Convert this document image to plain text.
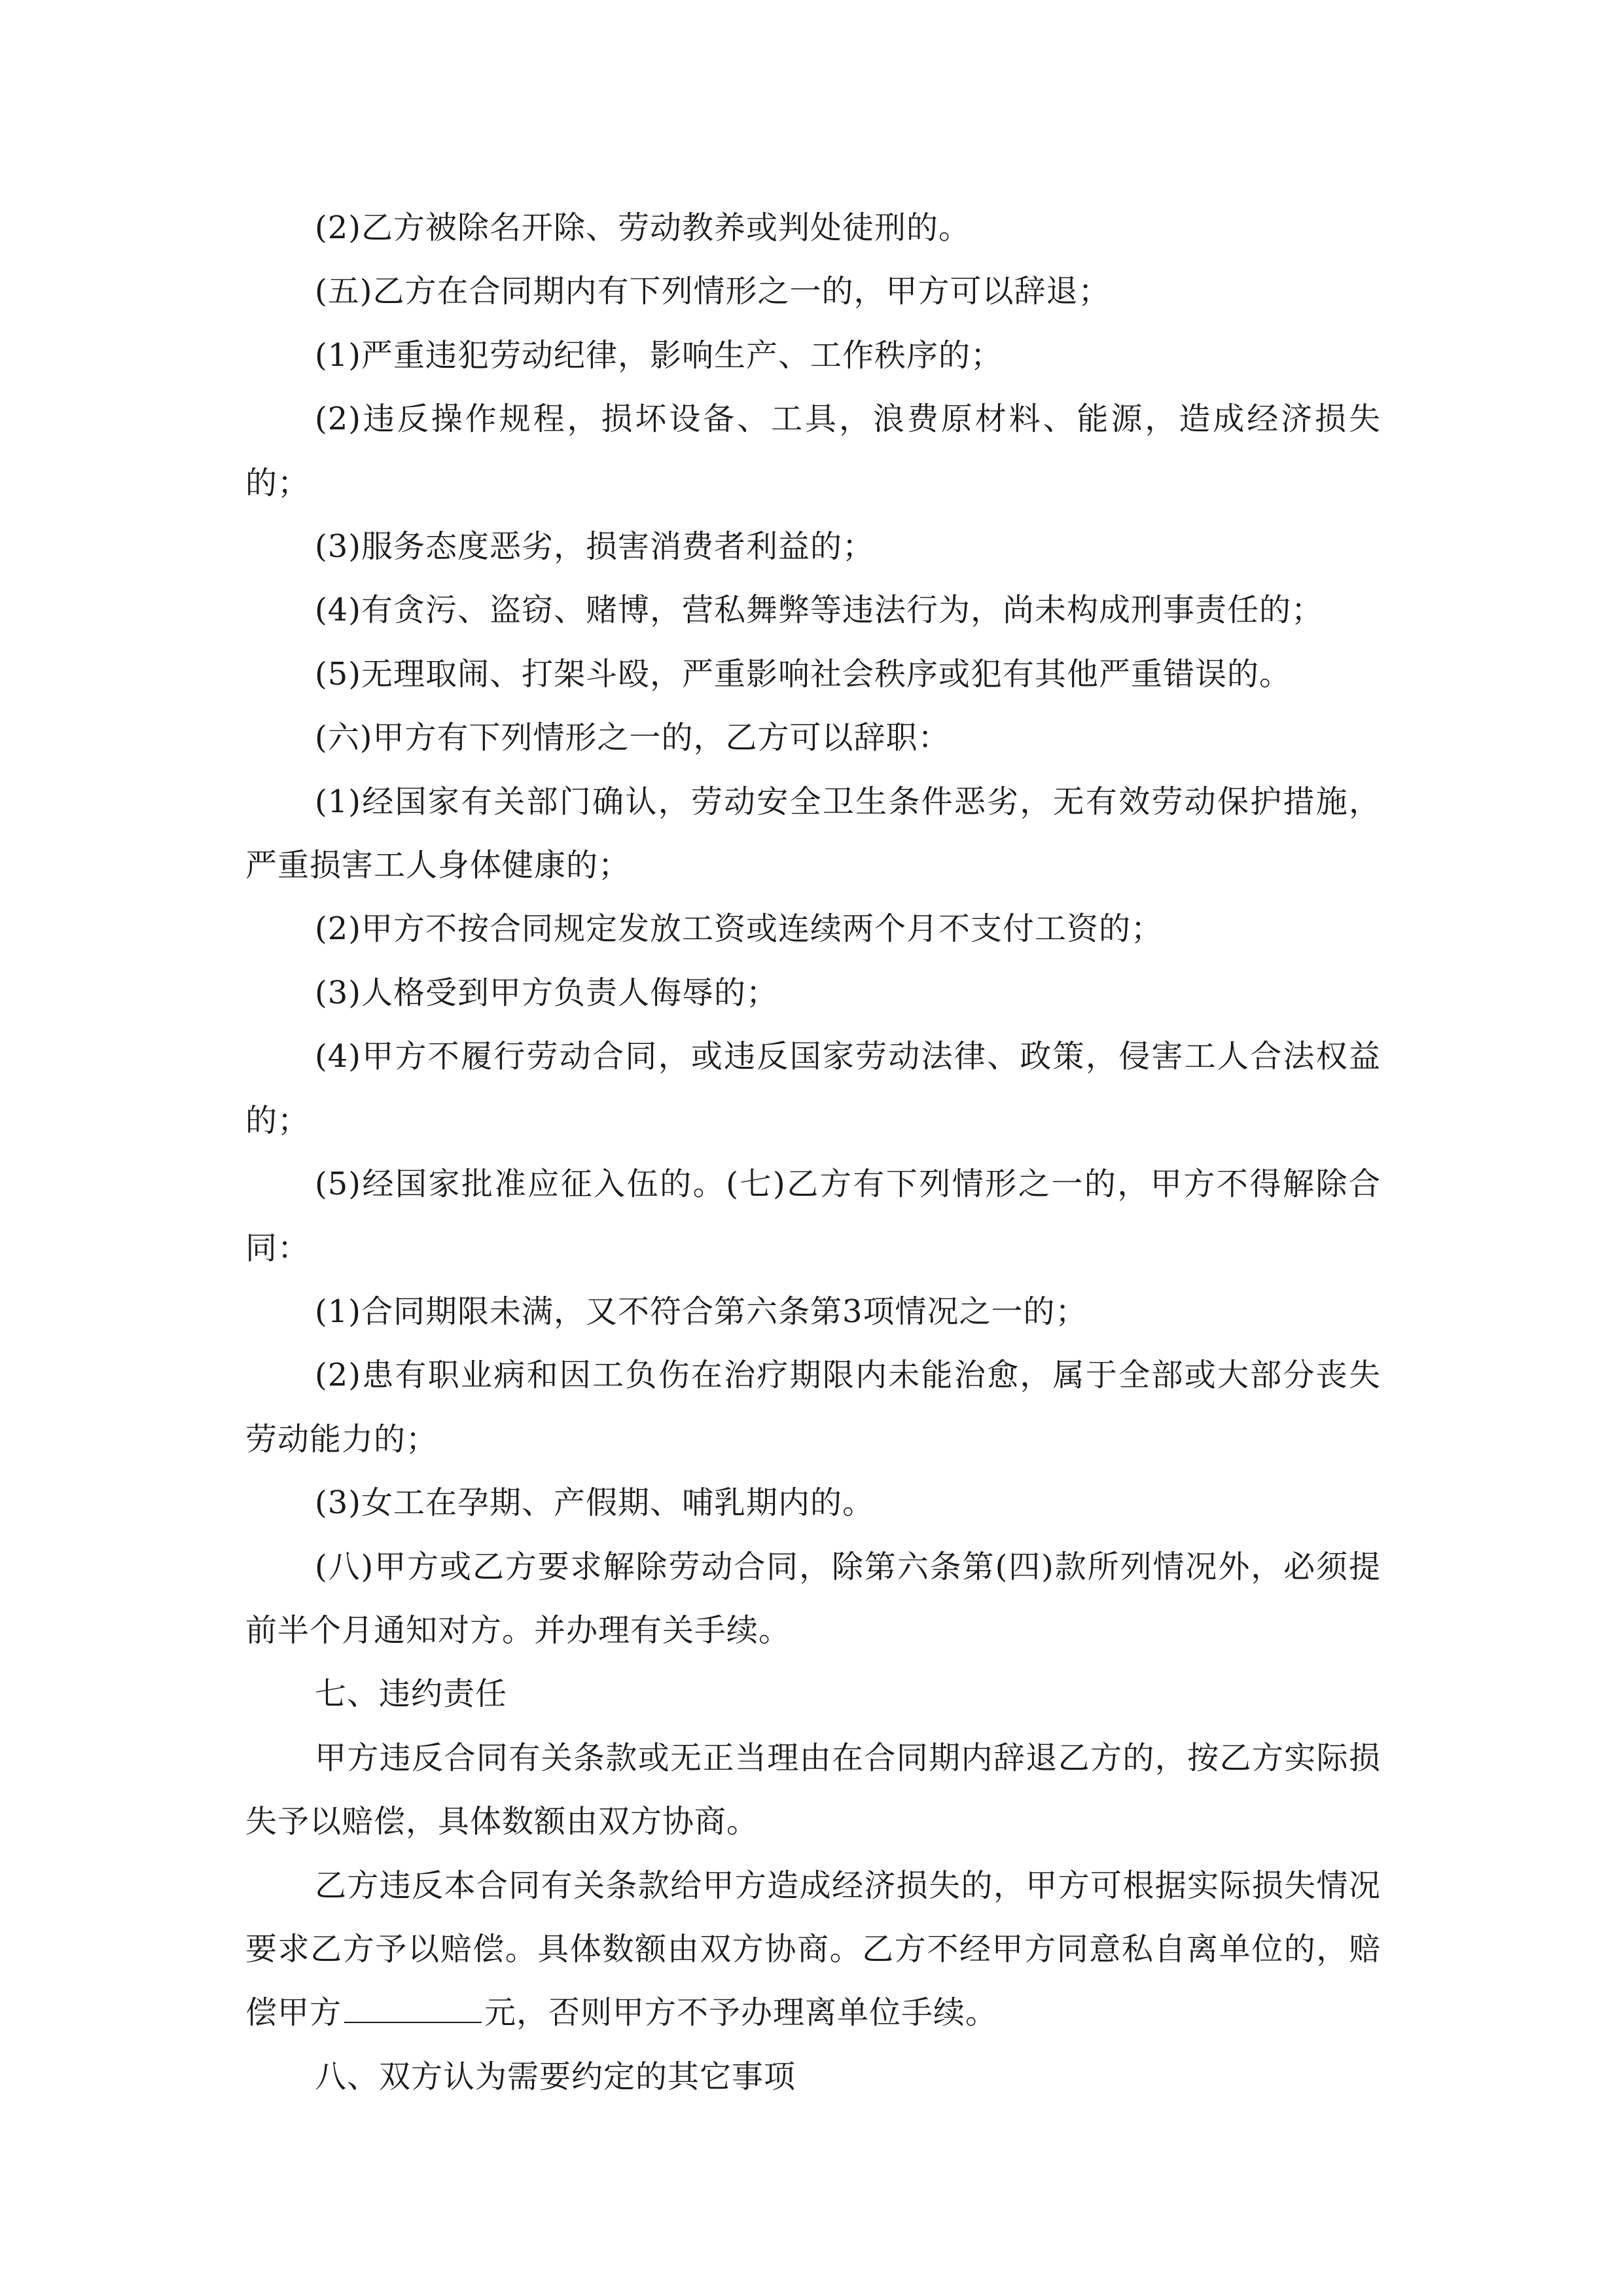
(2)乙方被除名开除、劳动教养或判处徒刑的。

(五)乙方在合同期内有下列情形之一的，甲方可以辞退；

(1)严重违犯劳动纪律，影响生产、工作秩序的；

(2)违反操作规程，损坏设备、工具，浪费原材料、能源，造成经济损失的；

(3)服务态度恶劣，损害消费者利益的；

(4)有贪污、盗窃、赌博，营私舞弊等违法行为，尚未构成刑事责任的；

(5)无理取闹、打架斗殴，严重影响社会秩序或犯有其他严重错误的。

(六)甲方有下列情形之一的，乙方可以辞职：

(1)经国家有关部门确认，劳动安全卫生条件恶劣，无有效劳动保护措施，严重损害工人身体健康的；

(2)甲方不按合同规定发放工资或连续两个月不支付工资的；

(3)人格受到甲方负责人侮辱的；

(4)甲方不履行劳动合同，或违反国家劳动法律、政策，侵害工人合法权益的；

(5)经国家批准应征入伍的。(七)乙方有下列情形之一的，甲方不得解除合同：

(1)合同期限未满，又不符合第六条第3项情况之一的；

(2)患有职业病和因工负伤在治疗期限内未能治愈，属于全部或大部分丧失劳动能力的；

(3)女工在孕期、产假期、哺乳期内的。

(八)甲方或乙方要求解除劳动合同，除第六条第(四)款所列情况外，必须提前半个月通知对方。并办理有关手续。

七、违约责任

甲方违反合同有关条款或无正当理由在合同期内辞退乙方的，按乙方实际损失予以赔偿，具体数额由双方协商。

乙方违反本合同有关条款给甲方造成经济损失的，甲方可根据实际损失情况要求乙方予以赔偿。具体数额由双方协商。乙方不经甲方同意私自离单位的，赔偿甲方	元，否则甲方不予办理离单位手续。

八、双方认为需要约定的其它事项
